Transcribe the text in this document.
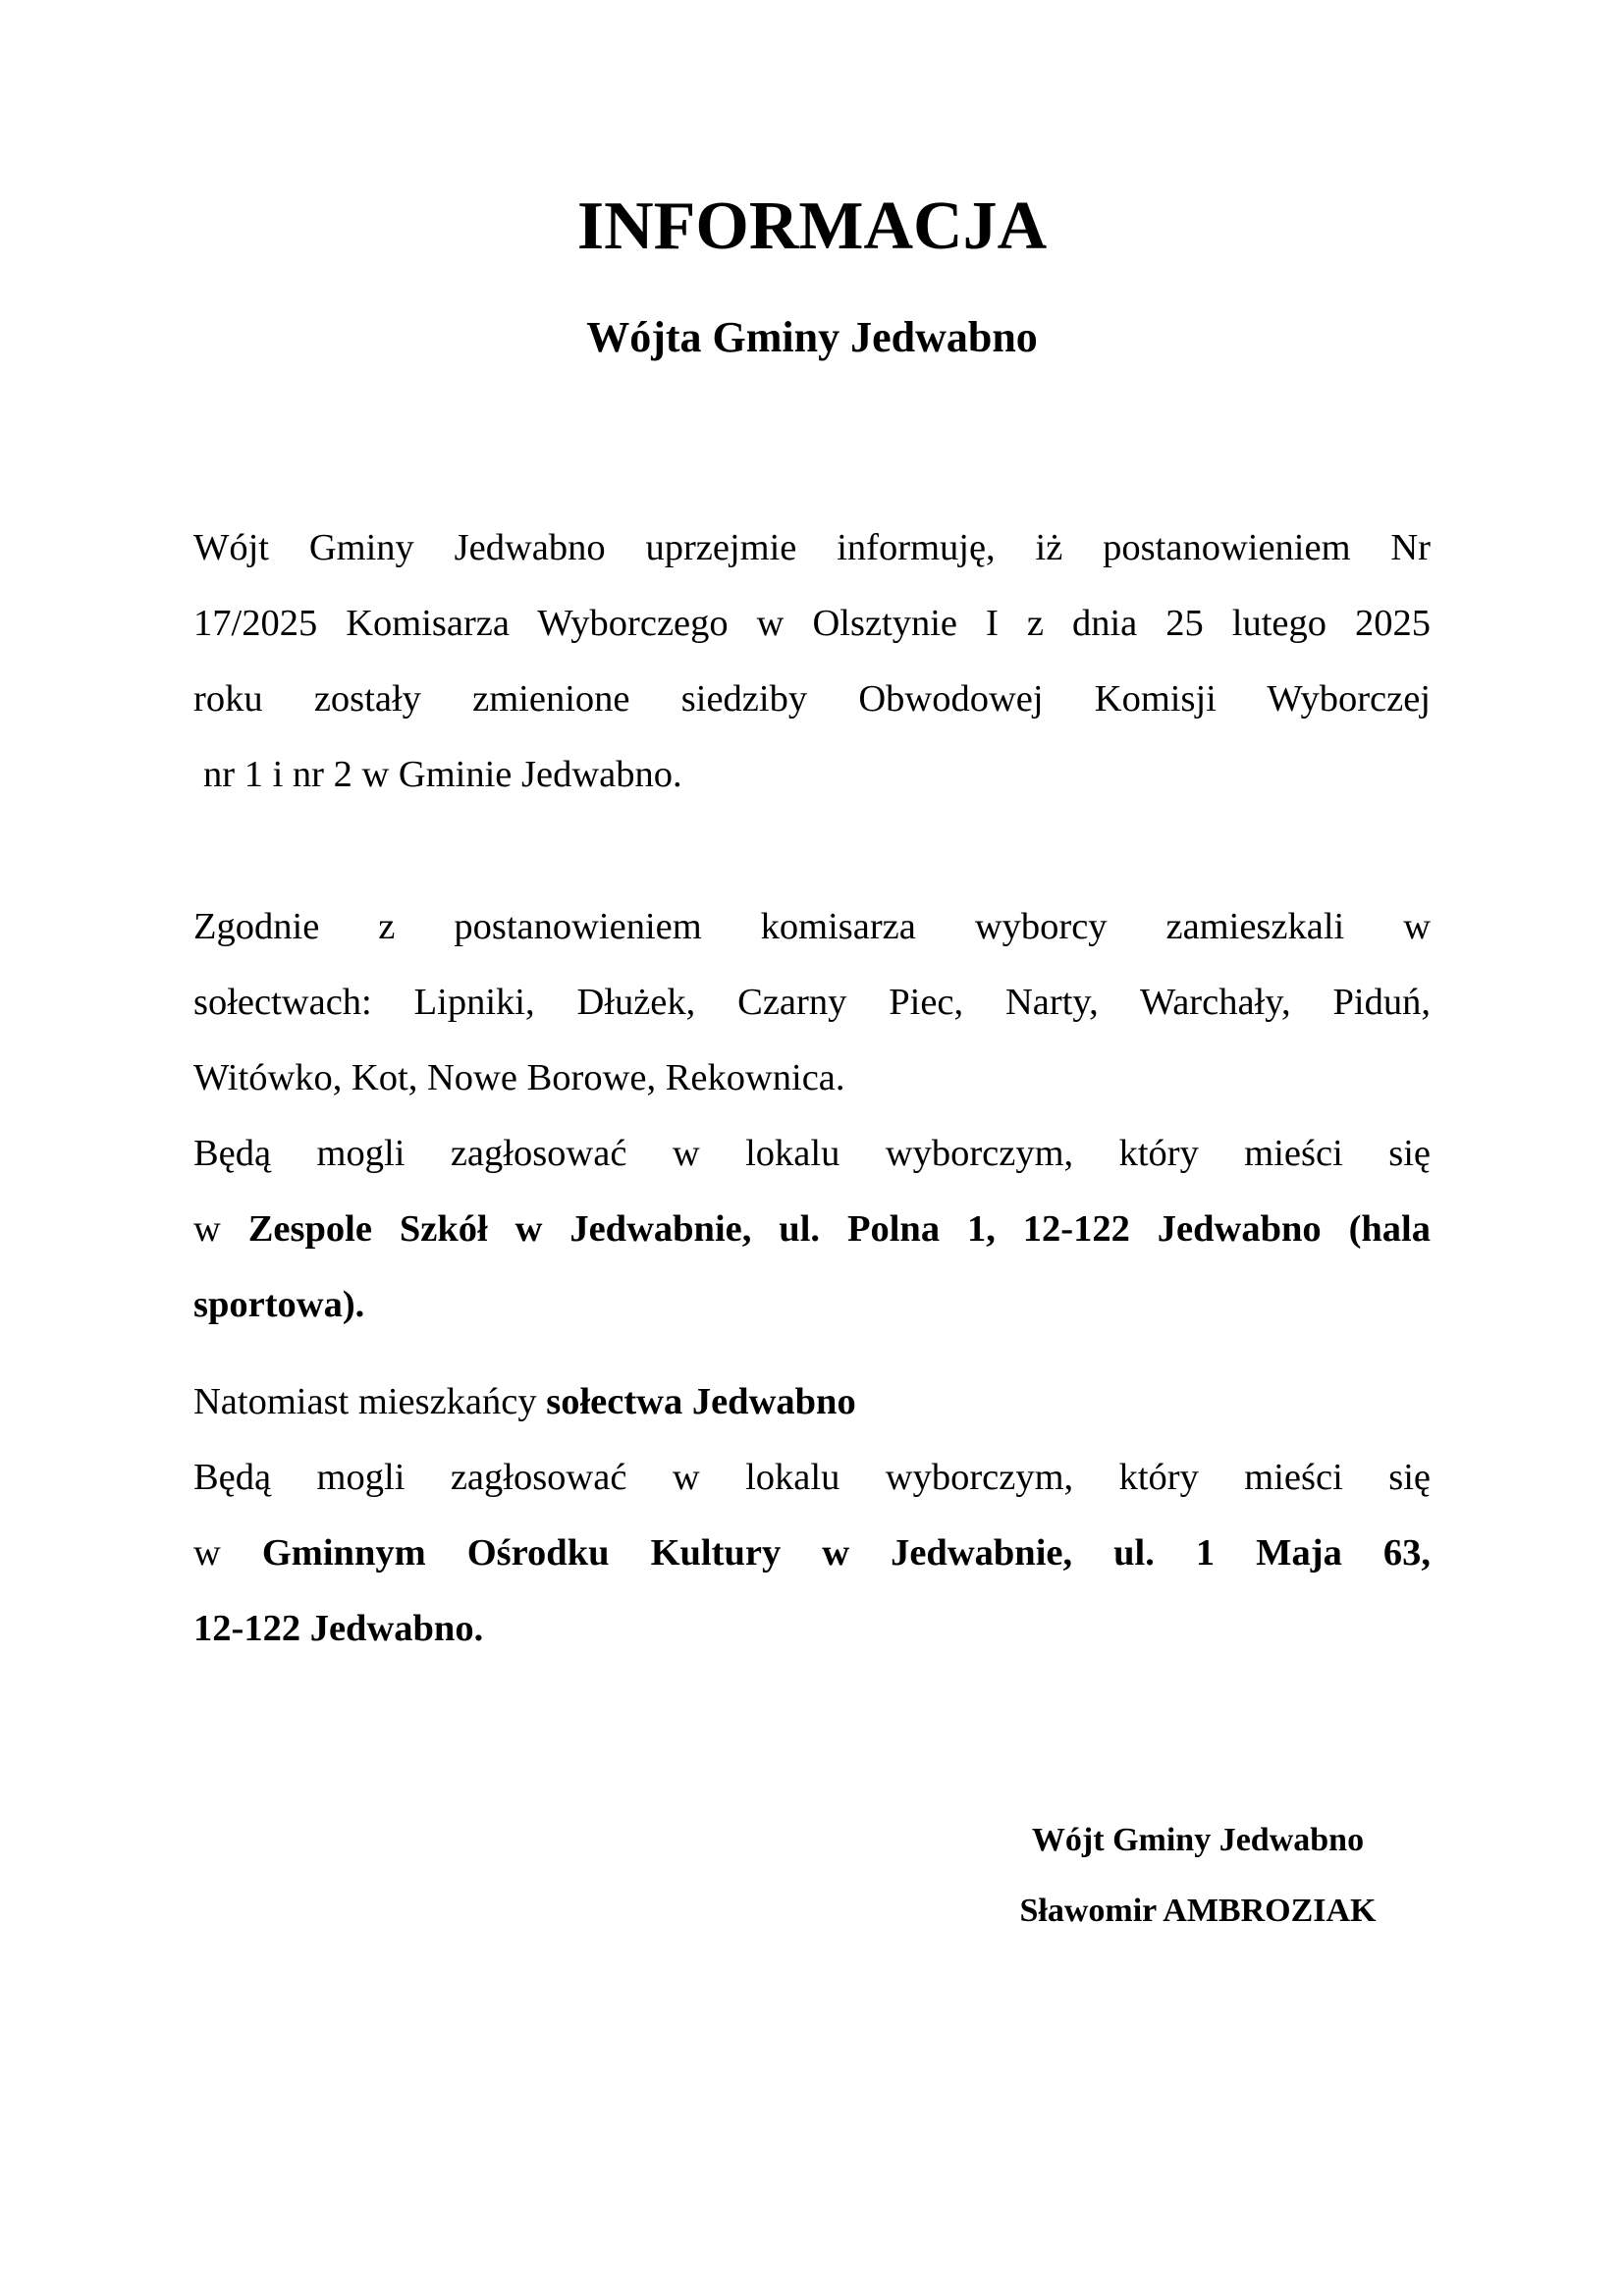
INFORMACJA
Wójta Gminy Jedwabno
Wójt Gminy Jedwabno uprzejmie informuję, iż postanowieniem Nr
17/2025 Komisarza Wyborczego w Olsztynie I z dnia 25 lutego 2025
roku zostały zmienione siedziby Obwodowej Komisji Wyborczej
nr 1 i nr 2 w Gminie Jedwabno.
Zgodnie z postanowieniem komisarza wyborcy zamieszkali w
sołectwach: Lipniki, Dłużek, Czarny Piec, Narty, Warchały, Piduń,
Witówko, Kot, Nowe Borowe, Rekownica.
Będą mogli zagłosować w lokalu wyborczym, który mieści się
w Zespole Szkół w Jedwabnie, ul. Polna 1, 12-122 Jedwabno (hala
sportowa).
Natomiast mieszkańcy sołectwa Jedwabno
Będą mogli zagłosować w lokalu wyborczym, który mieści się
w Gminnym Ośrodku Kultury w Jedwabnie, ul. 1 Maja 63,
12-122 Jedwabno.

Wójt Gminy Jedwabno

Sławomir AMBROZIAK
